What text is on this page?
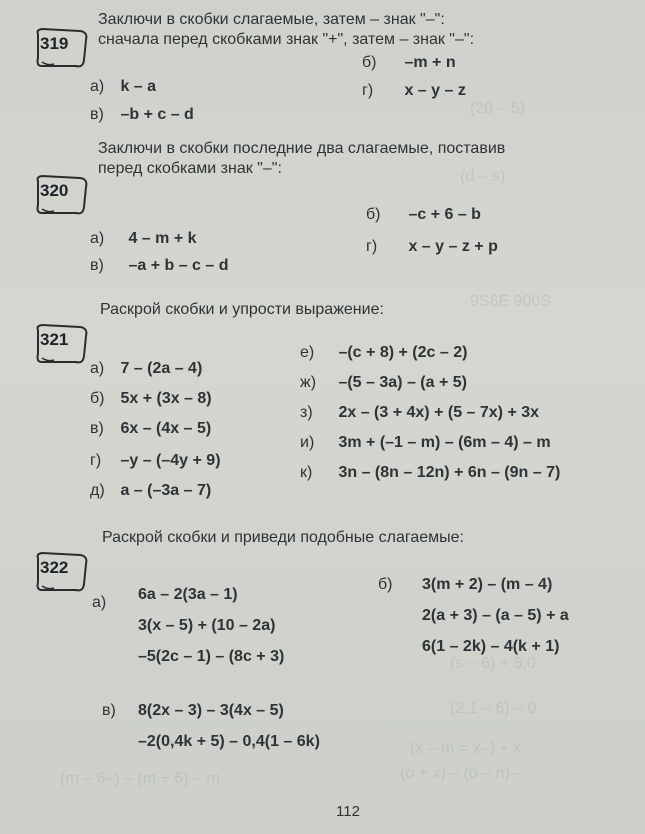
(20 – 5)
(d – s)
9S6E 900S
(s – 6) + 5,0
(2,1 – 6) – 0
(x – m = x–) + x
(o + x) – (o – n)–
(m – 6–) – (m + 6) – m
319
Заключи в скобки слагаемые, затем – знак "–":
сначала перед скобками знак "+", затем – знак "–":
а) k – a
в) –b + c – d
б) –m + n
г) x – y – z
320
Заключи в скобки последние два слагаемые, поставив
перед скобками знак "–":
а) 4 – m + k
в) –a + b – c – d
б) –c + 6 – b
г) x – y – z + p
321
Раскрой скобки и упрости выражение:
а) 7 – (2a – 4)
б) 5x + (3x – 8)
в) 6x – (4x – 5)
г) –y – (–4y + 9)
д) a – (–3a – 7)
е) –(c + 8) + (2c – 2)
ж) –(5 – 3a) – (a + 5)
з) 2x – (3 + 4x) + (5 – 7x) + 3x
и) 3m + (–1 – m) – (6m – 4) – m
к) 3n – (8n – 12n) + 6n – (9n – 7)
322
Раскрой скобки и приведи подобные слагаемые:
а) 6a – 2(3a – 1)
3(x – 5) + (10 – 2a)
–5(2c – 1) – (8c + 3)
б) 3(m + 2) – (m – 4)
2(a + 3) – (a – 5) + a
6(1 – 2k) – 4(k + 1)
в) 8(2x – 3) – 3(4x – 5)
–2(0,4k + 5) – 0,4(1 – 6k)
112
